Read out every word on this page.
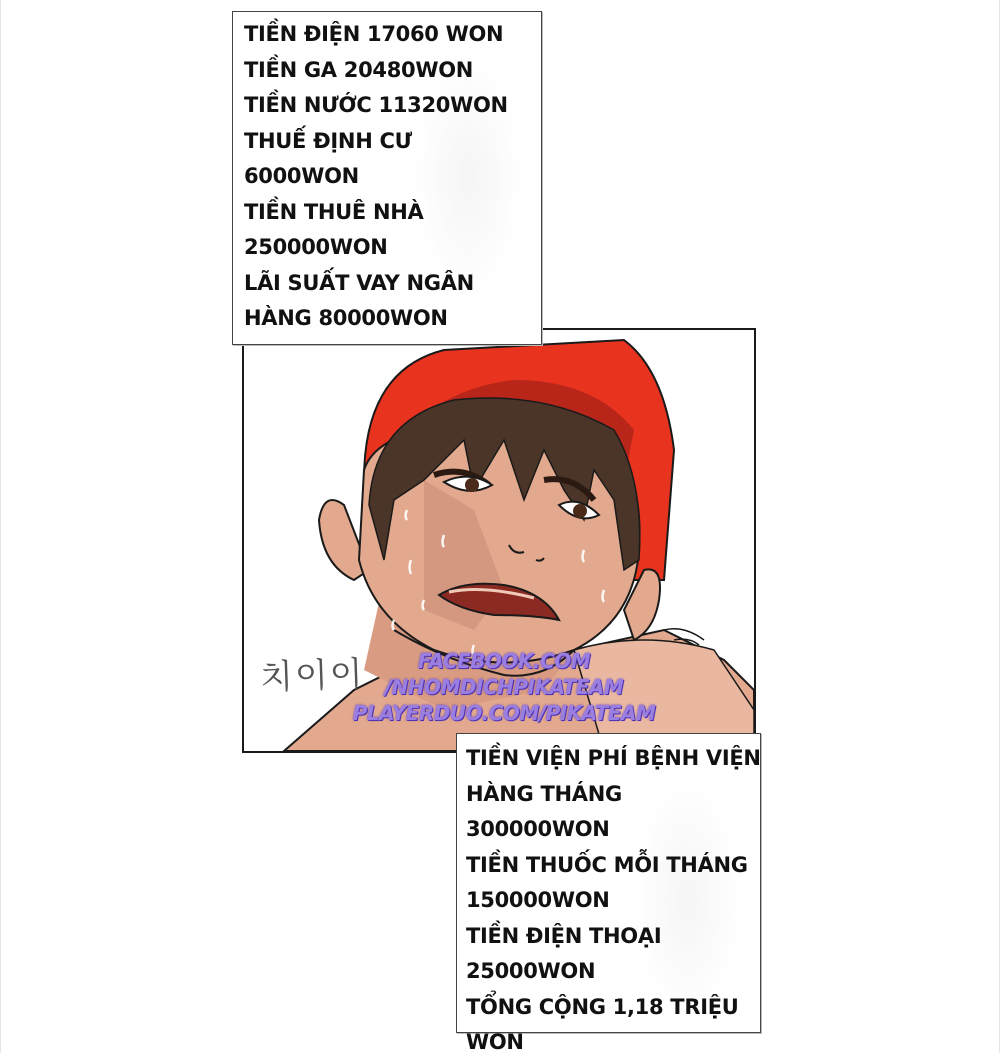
치이이	FACEBOOK.COM
/NHOMDICHPIKATEAM
PLAYERDUO.COM/PIKATEAM
TIỀN ĐIỆN 17060 WON
TIỀN GA 20480WON
TIỀN NƯỚC 11320WON
THUẾ ĐỊNH CƯ
6000WON
TIỀN THUÊ NHÀ
250000WON
LÃI SUẤT VAY NGÂN
HÀNG 80000WON
TIỀN VIỆN PHÍ BỆNH VIỆN
HÀNG THÁNG
300000WON
TIỀN THUỐC MỖI THÁNG
150000WON
TIỀN ĐIỆN THOẠI
25000WON
TỔNG CỘNG 1,18 TRIỆU
WON
